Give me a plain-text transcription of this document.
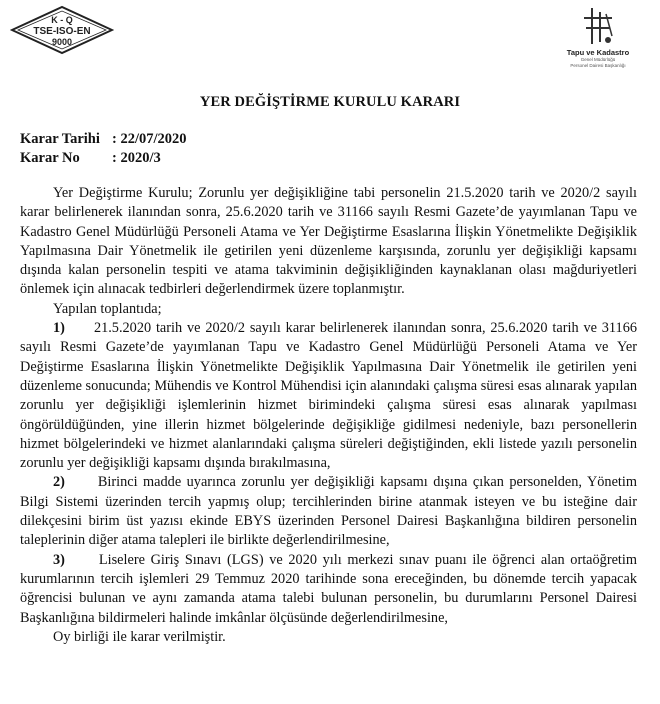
K - Q
TSE-ISO-EN
9000
Tapu ve Kadastro
Genel Müdürlüğü
Personel Dairesi Başkanlığı
YER DEĞİŞTİRME KURULU KARARI
Karar Tarihi : 22/07/2020
Karar No : 2020/3

Yer Değiştirme Kurulu; Zorunlu yer değişikliğine tabi personelin 21.5.2020 tarih ve 2020/2 sayılı karar belirlenerek ilanından sonra, 25.6.2020 tarih ve 31166 sayılı Resmi Gazete’de yayımlanan Tapu ve Kadastro Genel Müdürlüğü Personeli Atama ve Yer Değiştirme Esaslarına İlişkin Yönetmelikte Değişiklik Yapılmasına Dair Yönetmelik ile getirilen yeni düzenleme karşısında, zorunlu yer değişikliği kapsamı dışında kalan personelin tespiti ve atama takviminin değişikliğinden kaynaklanan olası mağduriyetleri önlemek için alınacak tedbirleri değerlendirmek üzere toplanmıştır.

Yapılan toplantıda;

1) 21.5.2020 tarih ve 2020/2 sayılı karar belirlenerek ilanından sonra, 25.6.2020 tarih ve 31166 sayılı Resmi Gazete’de yayımlanan Tapu ve Kadastro Genel Müdürlüğü Personeli Atama ve Yer Değiştirme Esaslarına İlişkin Yönetmelikte Değişiklik Yapılmasına Dair Yönetmelik ile getirilen yeni düzenleme sonucunda; Mühendis ve Kontrol Mühendisi için alanındaki çalışma süresi esas alınarak yapılan zorunlu yer değişikliği işlemlerinin hizmet birimindeki çalışma süresi esas alınarak yapılması öngörüldüğünden, yine illerin hizmet bölgelerinde değişikliğe gidilmesi nedeniyle, bazı personellerin hizmet bölgelerindeki ve hizmet alanlarındaki çalışma süreleri değiştiğinden, ekli listede yazılı personelin zorunlu yer değişikliği kapsamı dışında bırakılmasına,

2) Birinci madde uyarınca zorunlu yer değişikliği kapsamı dışına çıkan personelden, Yönetim Bilgi Sistemi üzerinden tercih yapmış olup; tercihlerinden birine atanmak isteyen ve bu isteğine dair dilekçesini birim üst yazısı ekinde EBYS üzerinden Personel Dairesi Başkanlığına bildiren personelin taleplerinin diğer atama talepleri ile birlikte değerlendirilmesine,

3) Liselere Giriş Sınavı (LGS) ve 2020 yılı merkezi sınav puanı ile öğrenci alan ortaöğretim kurumlarının tercih işlemleri 29 Temmuz 2020 tarihinde sona ereceğinden, bu dönemde tercih yapacak öğrencisi bulunan ve aynı zamanda atama talebi bulunan personelin, bu durumlarını Personel Dairesi Başkanlığına bildirmeleri halinde imkânlar ölçüsünde değerlendirilmesine,

Oy birliği ile karar verilmiştir.
